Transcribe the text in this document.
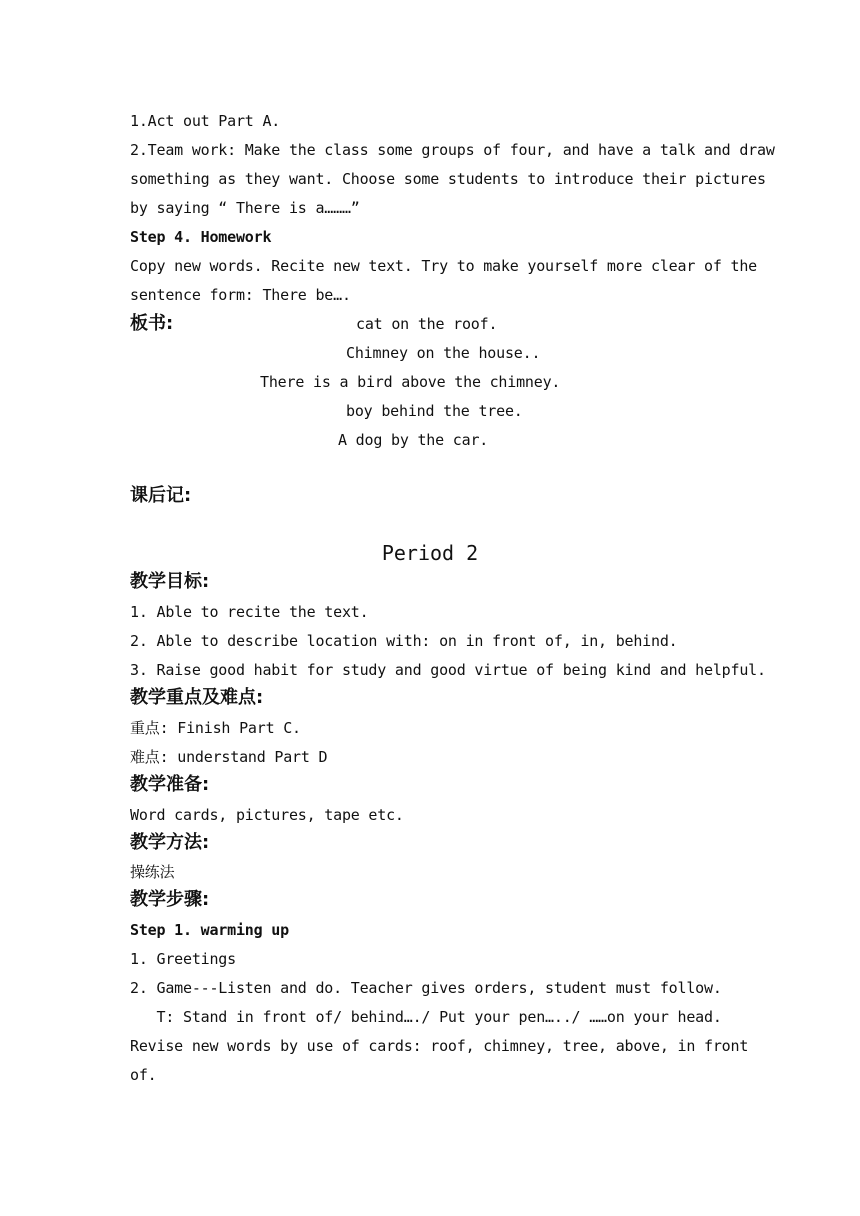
1.Act out Part A.
2.Team work: Make the class some groups of four, and have a talk and draw
something as they want. Choose some students to introduce their pictures
by saying “ There is a………”
Step 4. Homework
Copy new words. Recite new text. Try to make yourself more clear of the
sentence form: There be….
板书:	cat on the roof.
Chimney on the house..
There is a bird above the chimney.
boy behind the tree.
A dog by the car.
课后记:
Period 2
教学目标:
1. Able to recite the text.
2. Able to describe location with: on in front of, in, behind.
3. Raise good habit for study and good virtue of being kind and helpful.
教学重点及难点:
重点: Finish Part C.
难点: understand Part D
教学准备:
Word cards, pictures, tape etc.
教学方法:
操练法
教学步骤:
Step 1. warming up
1. Greetings
2. Game---Listen and do. Teacher gives orders, student must follow.
T: Stand in front of/ behind…./ Put your pen…../ ……on your head.
Revise new words by use of cards: roof, chimney, tree, above, in front
of.
